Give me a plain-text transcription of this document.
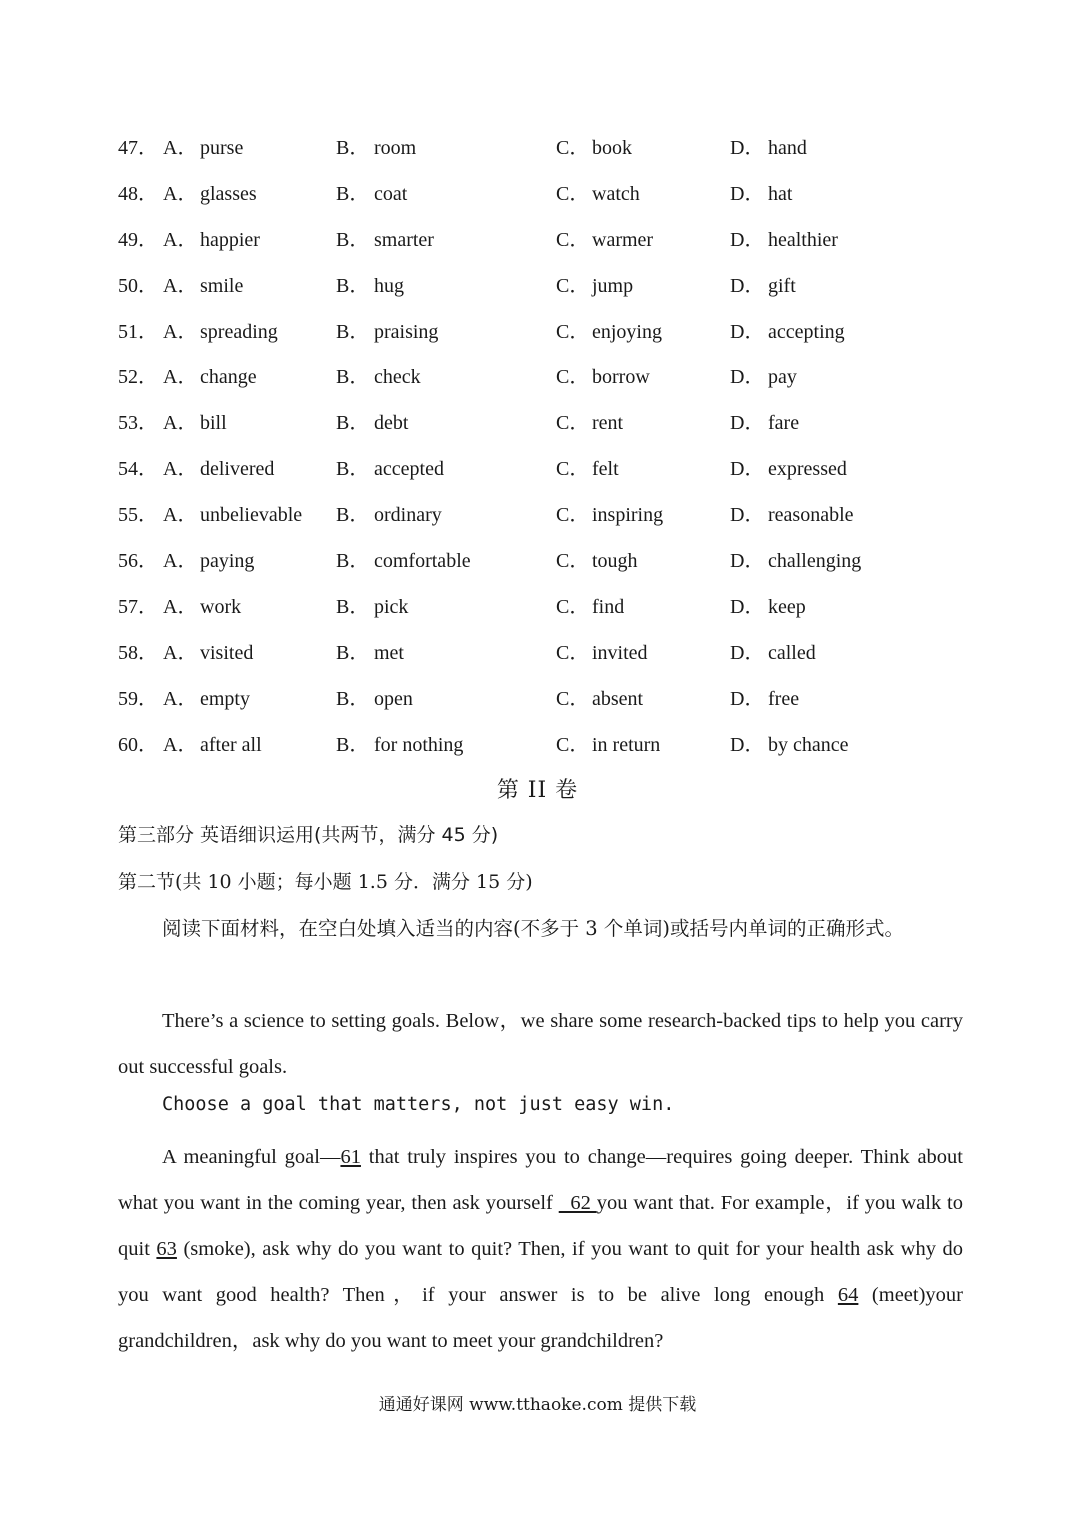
47． A． purse	B． room	C． book	D． hand
48． A． glasses	B． coat	C． watch	D． hat
49． A． happier	B． smarter	C． warmer	D． healthier
50． A． smile	B． hug	C． jump	D． gift
51． A． spreading	B． praising	C． enjoying	D． accepting
52． A． change	B． check	C． borrow	D． pay
53． A． bill	B． debt	C． rent	D． fare
54． A． delivered	B． accepted	C． felt	D． expressed
55． A． unbelievable B． ordinary	C． inspiring	D． reasonable
56． A． paying	B． comfortable	C． tough	D． challenging
57． A． work	B． pick	C． find	D． keep
58． A． visited	B． met	C． invited	D． called
59． A． empty	B． open	C． absent	D． free
60． A． after all	B． for nothing	C． in return	D． by chance
第 II 卷
第三部分 英语细识运用(共两节，满分 45 分)
第二节(共 10 小题；每小题 1.5 分．满分 15 分)
阅读下面材料，在空白处填入适当的内容(不多于 3 个单词)或括号内单词的正确形式。
There’s a science to setting goals. Below，we share some research-backed tips to help you carry out successful goals.
Choose a goal that matters, not just easy win.
A meaningful goal—61 that truly inspires you to change—requires going deeper. Think about what you want in the coming year, then ask yourself   62 you want that. For example，if you walk to quit 63 (smoke), ask why do you want to quit? Then, if you want to quit for your health ask why do you want good health? Then，if your answer is to be alive long enough 64 (meet)your grandchildren，ask why do you want to meet your grandchildren?
通通好课网 www.tthaoke.com 提供下载
